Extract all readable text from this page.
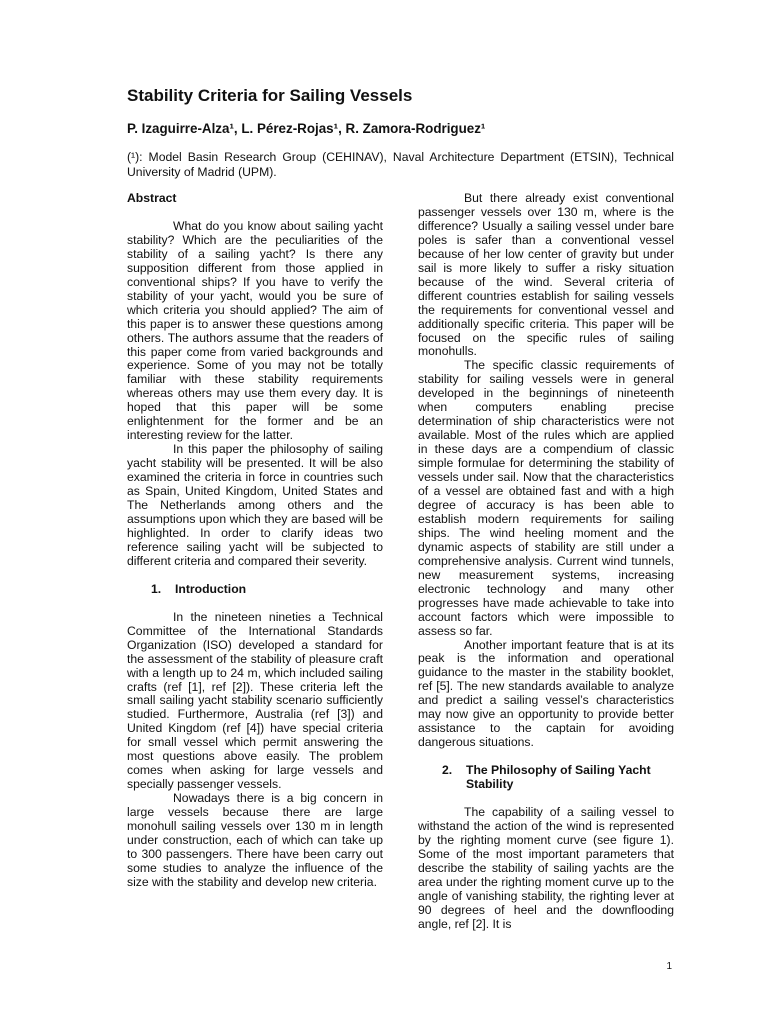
Stability Criteria for Sailing Vessels
P. Izaguirre-Alza¹, L. Pérez-Rojas¹, R. Zamora-Rodriguez¹
(¹): Model Basin Research Group (CEHINAV), Naval Architecture Department (ETSIN), Technical University of Madrid (UPM).
Abstract

What do you know about sailing yacht stability? Which are the peculiarities of the stability of a sailing yacht? Is there any supposition different from those applied in conventional ships? If you have to verify the stability of your yacht, would you be sure of which criteria you should applied? The aim of this paper is to answer these questions among others. The authors assume that the readers of this paper come from varied backgrounds and experience. Some of you may not be totally familiar with these stability requirements whereas others may use them every day. It is hoped that this paper will be some enlightenment for the former and be an interesting review for the latter.

In this paper the philosophy of sailing yacht stability will be presented. It will be also examined the criteria in force in countries such as Spain, United Kingdom, United States and The Netherlands among others and the assumptions upon which they are based will be highlighted. In order to clarify ideas two reference sailing yacht will be subjected to different criteria and compared their severity.

1.	Introduction

In the nineteen nineties a Technical Committee of the International Standards Organization (ISO) developed a standard for the assessment of the stability of pleasure craft with a length up to 24 m, which included sailing crafts (ref [1], ref [2]). These criteria left the small sailing yacht stability scenario sufficiently studied. Furthermore, Australia (ref [3]) and United Kingdom (ref [4]) have special criteria for small vessel which permit answering the most questions above easily. The problem comes when asking for large vessels and specially passenger vessels.

Nowadays there is a big concern in large vessels because there are large monohull sailing vessels over 130 m in length under construction, each of which can take up to 300 passengers. There have been carry out some studies to analyze the influence of the size with the stability and develop new criteria.

But there already exist conventional passenger vessels over 130 m, where is the difference? Usually a sailing vessel under bare poles is safer than a conventional vessel because of her low center of gravity but under sail is more likely to suffer a risky situation because of the wind. Several criteria of different countries establish for sailing vessels the requirements for conventional vessel and additionally specific criteria. This paper will be focused on the specific rules of sailing monohulls.

The specific classic requirements of stability for sailing vessels were in general developed in the beginnings of nineteenth when computers enabling precise determination of ship characteristics were not available. Most of the rules which are applied in these days are a compendium of classic simple formulae for determining the stability of vessels under sail. Now that the characteristics of a vessel are obtained fast and with a high degree of accuracy is has been able to establish modern requirements for sailing ships. The wind heeling moment and the dynamic aspects of stability are still under a comprehensive analysis. Current wind tunnels, new measurement systems, increasing electronic technology and many other progresses have made achievable to take into account factors which were impossible to assess so far.

Another important feature that is at its peak is the information and operational guidance to the master in the stability booklet, ref [5]. The new standards available to analyze and predict a sailing vessel’s characteristics may now give an opportunity to provide better assistance to the captain for avoiding dangerous situations.

2.	The Philosophy of Sailing Yacht Stability

The capability of a sailing vessel to withstand the action of the wind is represented by the righting moment curve (see figure 1). Some of the most important parameters that describe the stability of sailing yachts are the area under the righting moment curve up to the angle of vanishing stability, the righting lever at 90 degrees of heel and the downflooding angle, ref [2]. It is

1
